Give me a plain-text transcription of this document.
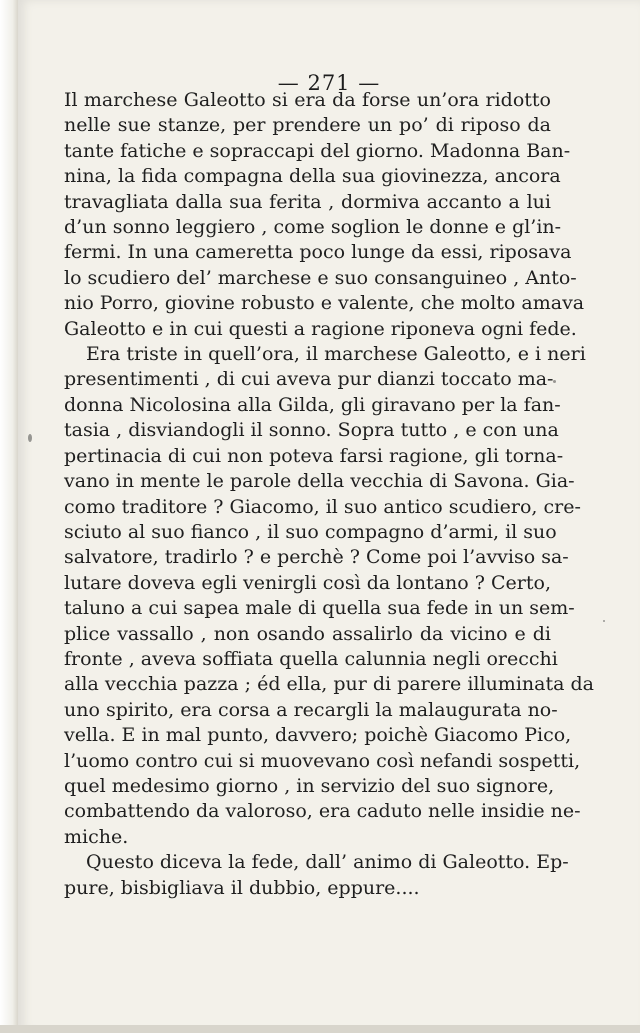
— 271 —
Il marchese Galeotto si era da forse un’ora ridotto
nelle sue stanze, per prendere un po’ di riposo da
tante fatiche e sopraccapi del giorno. Madonna Ban-
nina, la fida compagna della sua giovinezza, ancora
travagliata dalla sua ferita , dormiva accanto a lui
d’un sonno leggiero , come soglion le donne e gl’in-
fermi. In una cameretta poco lunge da essi, riposava
lo scudiero del’ marchese e suo consanguineo , Anto-
nio Porro, giovine robusto e valente, che molto amava
Galeotto e in cui questi a ragione riponeva ogni fede.
Era triste in quell’ora, il marchese Galeotto, e i neri
presentimenti , di cui aveva pur dianzi toccato ma-
donna Nicolosina alla Gilda, gli giravano per la fan-
tasia , disviandogli il sonno. Sopra tutto , e con una
pertinacia di cui non poteva farsi ragione, gli torna-
vano in mente le parole della vecchia di Savona. Gia-
como traditore ? Giacomo, il suo antico scudiero, cre-
sciuto al suo fianco , il suo compagno d’armi, il suo
salvatore, tradirlo ? e perchè ? Come poi l’avviso sa-
lutare doveva egli venirgli così da lontano ? Certo,
taluno a cui sapea male di quella sua fede in un sem-
plice vassallo , non osando assalirlo da vicino e di
fronte , aveva soffiata quella calunnia negli orecchi
alla vecchia pazza ; éd ella, pur di parere illuminata da
uno spirito, era corsa a recargli la malaugurata no-
vella. E in mal punto, davvero; poichè Giacomo Pico,
l’uomo contro cui si muovevano così nefandi sospetti,
quel medesimo giorno , in servizio del suo signore,
combattendo da valoroso, era caduto nelle insidie ne-
miche.
Questo diceva la fede, dall’ animo di Galeotto. Ep-
pure, bisbigliava il dubbio, eppure....
